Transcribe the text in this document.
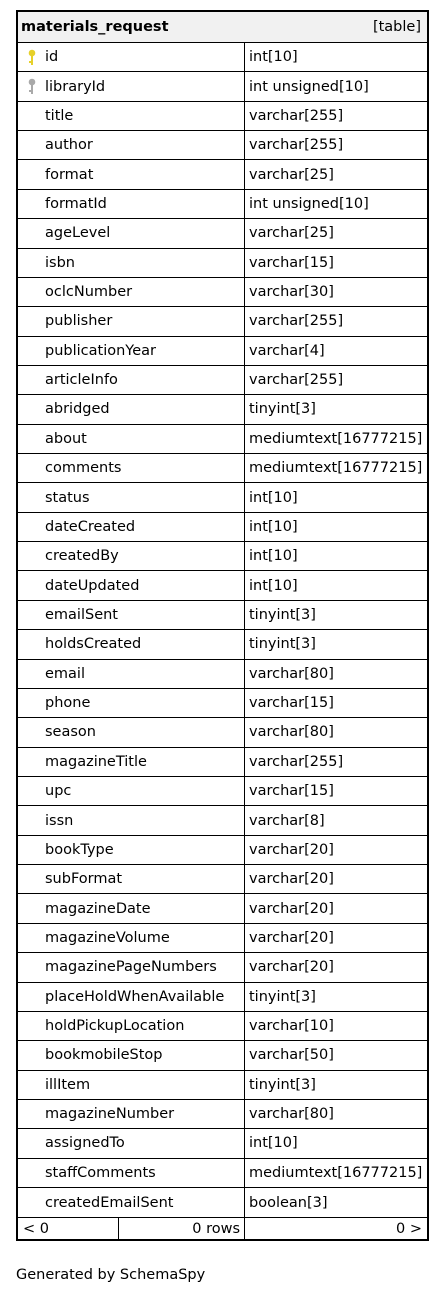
materials_request	[table]
id	int[10]
libraryId	int unsigned[10]
title	varchar[255]
author	varchar[255]
format	varchar[25]
formatId	int unsigned[10]
ageLevel	varchar[25]
isbn	varchar[15]
oclcNumber	varchar[30]
publisher	varchar[255]
publicationYear	varchar[4]
articleInfo	varchar[255]
abridged	tinyint[3]
about	mediumtext[16777215]
comments	mediumtext[16777215]
status	int[10]
dateCreated	int[10]
createdBy	int[10]
dateUpdated	int[10]
emailSent	tinyint[3]
holdsCreated	tinyint[3]
email	varchar[80]
phone	varchar[15]
season	varchar[80]
magazineTitle	varchar[255]
upc	varchar[15]
issn	varchar[8]
bookType	varchar[20]
subFormat	varchar[20]
magazineDate	varchar[20]
magazineVolume	varchar[20]
magazinePageNumbers varchar[20]
placeHoldWhenAvailable tinyint[3]
holdPickupLocation	varchar[10]
bookmobileStop	varchar[50]
illItem	tinyint[3]
magazineNumber	varchar[80]
assignedTo	int[10]
staffComments	mediumtext[16777215]
createdEmailSent	boolean[3]
< 0	0 rows	0 >
Generated by SchemaSpy
